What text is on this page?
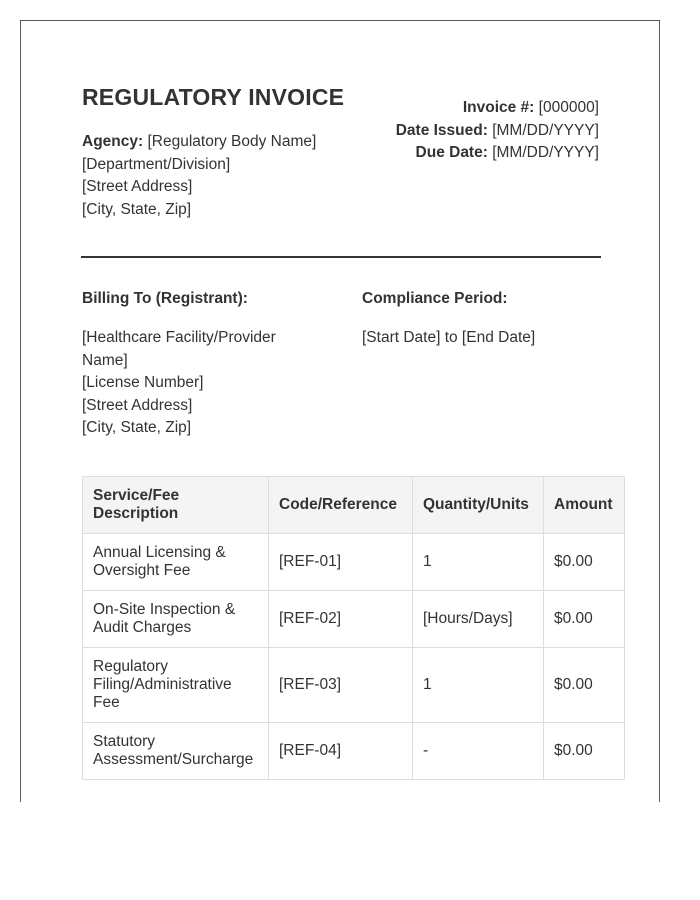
REGULATORY INVOICE
Agency: [Regulatory Body Name]
[Department/Division]
[Street Address]
[City, State, Zip]
Invoice #: [000000]
Date Issued: [MM/DD/YYYY]
Due Date: [MM/DD/YYYY]
Billing To (Registrant):	Compliance Period:
[Healthcare Facility/Provider Name]
[License Number]
[Street Address]
[City, State, Zip]
[Start Date] to [End Date]
Service/Fee Description	Code/Reference	Quantity/Units	Amount
Annual Licensing & Oversight Fee	[REF-01]	1	$0.00
On-Site Inspection & Audit Charges	[REF-02]	[Hours/Days]	$0.00
Regulatory Filing/Administrative Fee	[REF-03]	1	$0.00
Statutory Assessment/Surcharge	[REF-04]	-	$0.00
